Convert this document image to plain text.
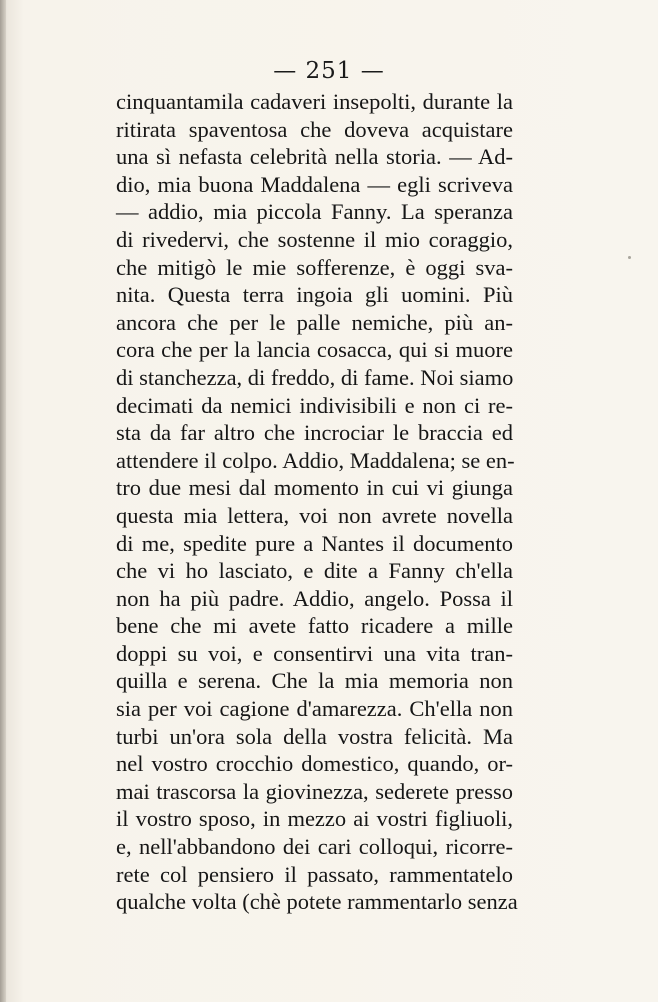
— 251 —
cinquantamila cadaveri insepolti, durante la
ritirata spaventosa che doveva acquistare
una sì nefasta celebrità nella storia. — Ad-
dio, mia buona Maddalena — egli scriveva
— addio, mia piccola Fanny. La speranza
di rivedervi, che sostenne il mio coraggio,
che mitigò le mie sofferenze, è oggi sva-
nita. Questa terra ingoia gli uomini. Più
ancora che per le palle nemiche, più an-
cora che per la lancia cosacca, qui si muore
di stanchezza, di freddo, di fame. Noi siamo
decimati da nemici indivisibili e non ci re-
sta da far altro che incrociar le braccia ed
attendere il colpo. Addio, Maddalena; se en-
tro due mesi dal momento in cui vi giunga
questa mia lettera, voi non avrete novella
di me, spedite pure a Nantes il documento
che vi ho lasciato, e dite a Fanny ch'ella
non ha più padre. Addio, angelo. Possa il
bene che mi avete fatto ricadere a mille
doppi su voi, e consentirvi una vita tran-
quilla e serena. Che la mia memoria non
sia per voi cagione d'amarezza. Ch'ella non
turbi un'ora sola della vostra felicità. Ma
nel vostro crocchio domestico, quando, or-
mai trascorsa la giovinezza, sederete presso
il vostro sposo, in mezzo ai vostri figliuoli,
e, nell'abbandono dei cari colloqui, ricorre-
rete col pensiero il passato, rammentatelo
qualche volta (chè potete rammentarlo senza
